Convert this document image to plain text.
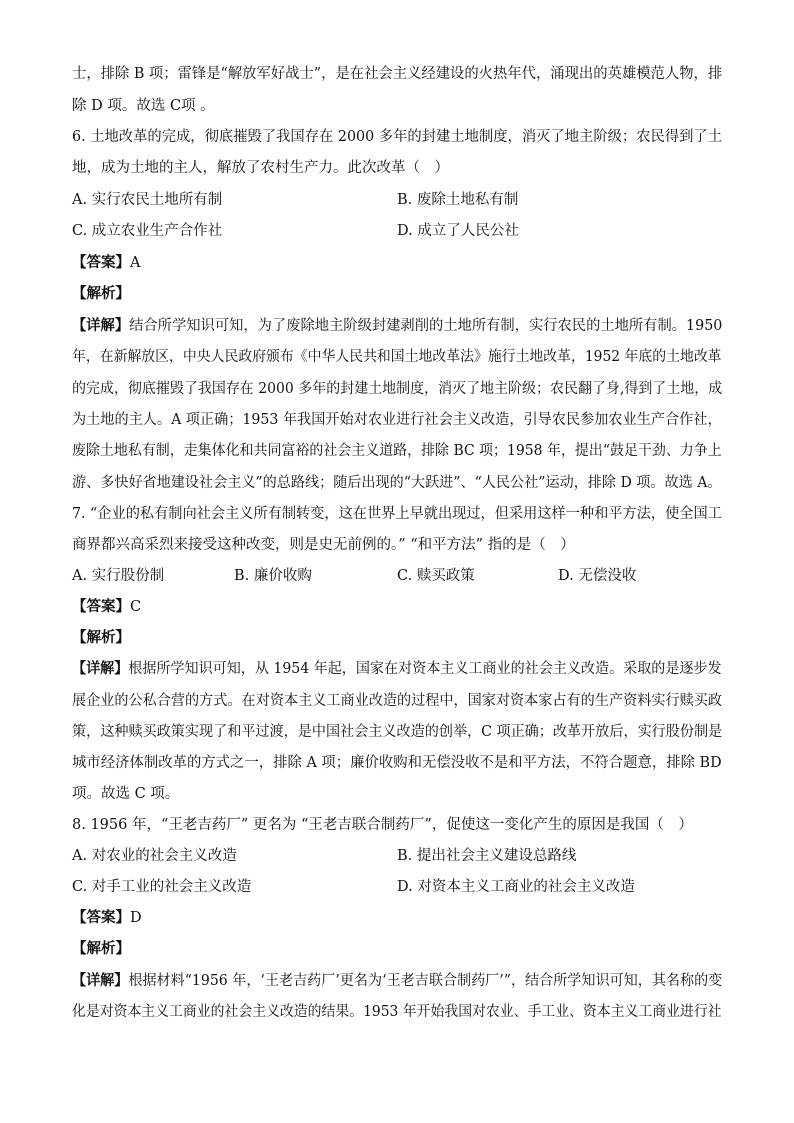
士，排除 B 项；雷锋是“解放军好战士”，是在社会主义经建设的火热年代，涌现出的英雄模范人物，排
除 D 项。故选 C项 。
6. 土地改革的完成，彻底摧毁了我国存在 2000 多年的封建土地制度，消灭了地主阶级；农民得到了土
地，成为土地的主人，解放了农村生产力。此次改革（　）
A. 实行农民土地所有制	B. 废除土地私有制
C. 成立农业生产合作社	D. 成立了人民公社
【答案】A
【解析】
【详解】结合所学知识可知，为了废除地主阶级封建剥削的土地所有制，实行农民的土地所有制。1950
年，在新解放区，中央人民政府颁布《中华人民共和国土地改革法》施行土地改革，1952 年底的土地改革
的完成，彻底摧毁了我国存在 2000 多年的封建土地制度，消灭了地主阶级；农民翻了身,得到了土地，成
为土地的主人。A 项正确；1953 年我国开始对农业进行社会主义改造，引导农民参加农业生产合作社，
废除土地私有制，走集体化和共同富裕的社会主义道路，排除 BC 项；1958 年，提出“鼓足干劲、力争上
游、多快好省地建设社会主义”的总路线；随后出现的“大跃进”、“人民公社”运动，排除 D 项。故选 A。
7. “企业的私有制向社会主义所有制转变，这在世界上早就出现过，但采用这样一种和平方法，使全国工
商界都兴高采烈来接受这种改变，则是史无前例的。” “和平方法” 指的是（　）
A. 实行股份制	B. 廉价收购	C. 赎买政策	D. 无偿没收
【答案】C
【解析】
【详解】根据所学知识可知，从 1954 年起，国家在对资本主义工商业的社会主义改造。采取的是逐步发
展企业的公私合营的方式。在对资本主义工商业改造的过程中，国家对资本家占有的生产资料实行赎买政
策，这种赎买政策实现了和平过渡，是中国社会主义改造的创举，C 项正确；改革开放后，实行股份制是
城市经济体制改革的方式之一，排除 A 项；廉价收购和无偿没收不是和平方法，不符合题意，排除 BD
项。故选 C 项。
8. 1956 年，“王老吉药厂” 更名为 “王老吉联合制药厂”，促使这一变化产生的原因是我国（　）
A. 对农业的社会主义改造	B. 提出社会主义建设总路线
C. 对手工业的社会主义改造	D. 对资本主义工商业的社会主义改造
【答案】D
【解析】
【详解】根据材料“1956 年，‘王老吉药厂’更名为‘王老吉联合制药厂’”，结合所学知识可知，其名称的变
化是对资本主义工商业的社会主义改造的结果。1953 年开始我国对农业、手工业、资本主义工商业进行社
